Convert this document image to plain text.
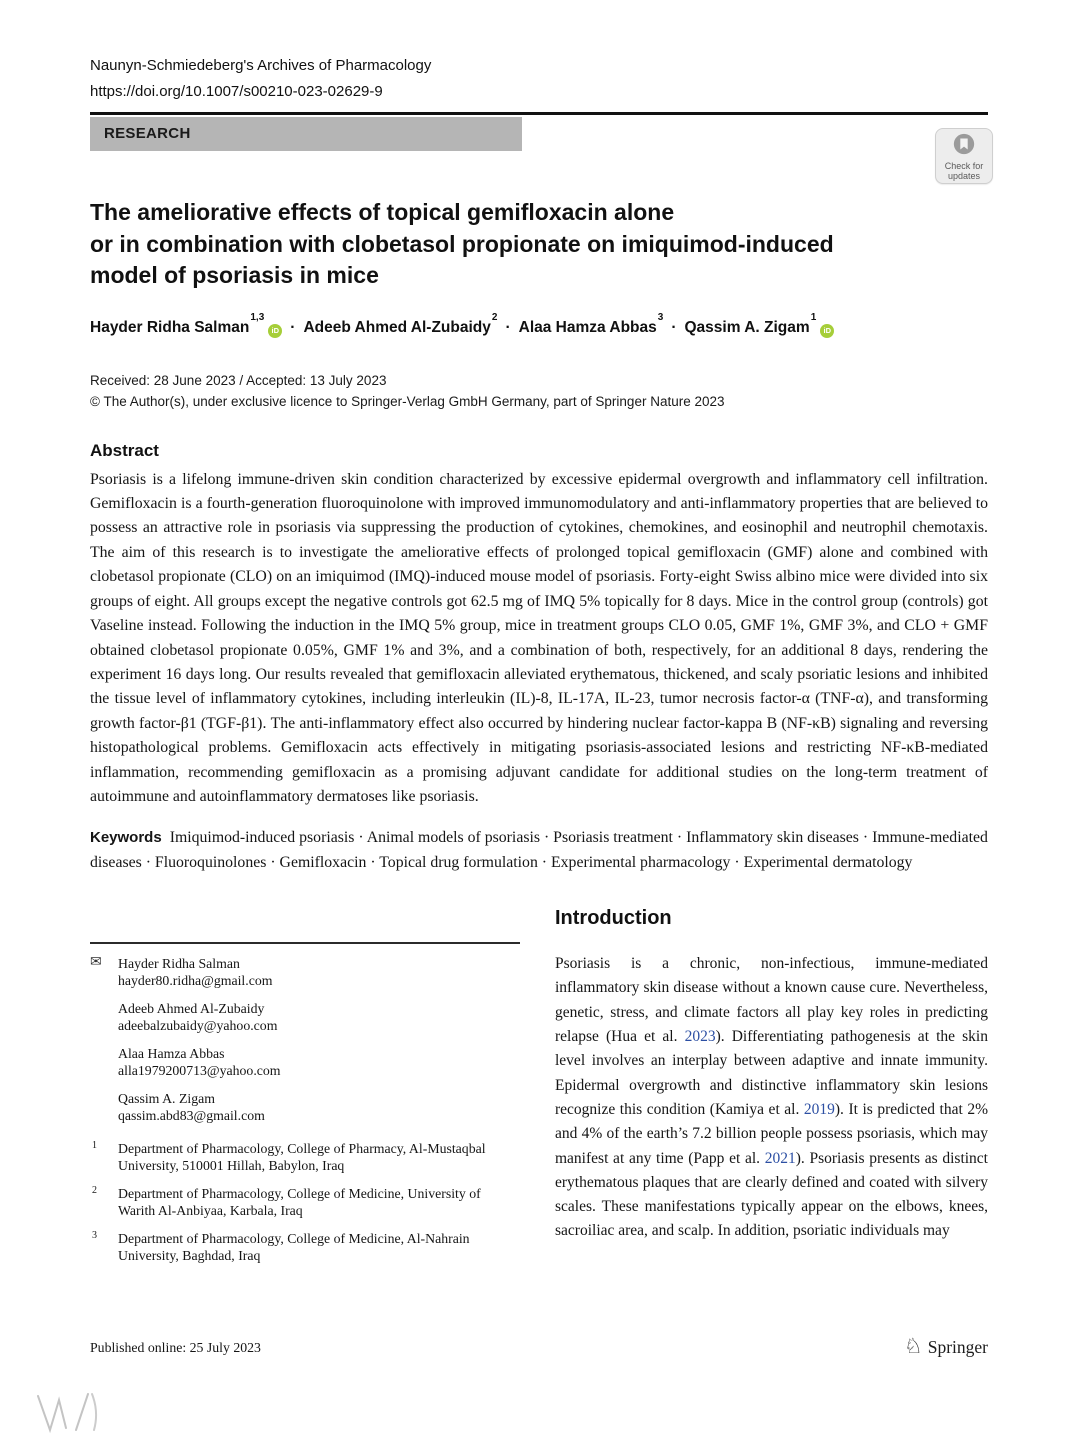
Naunyn-Schmiedeberg's Archives of Pharmacology
https://doi.org/10.1007/s00210-023-02629-9
RESEARCH
Check for
updates
The ameliorative effects of topical gemifloxacin alone
or in combination with clobetasol propionate on imiquimod-induced
model of psoriasis in mice
Hayder Ridha Salman$^{1,3}$iD · Adeeb Ahmed Al-Zubaidy$^2$
· Alaa Hamza Abbas$^3$
· Qassim A. Zigam$^1$iD
Received: 28 June 2023 / Accepted: 13 July 2023
© The Author(s), under exclusive licence to Springer-Verlag GmbH Germany, part of Springer Nature 2023
Abstract

Psoriasis is a lifelong immune-driven skin condition characterized by excessive epidermal overgrowth and inflammatory cell infiltration. Gemifloxacin is a fourth-generation fluoroquinolone with improved immunomodulatory and anti-inflammatory properties that are believed to possess an attractive role in psoriasis via suppressing the production of cytokines, chemokines, and eosinophil and neutrophil chemotaxis. The aim of this research is to investigate the ameliorative effects of prolonged topical gemifloxacin (GMF) alone and combined with clobetasol propionate (CLO) on an imiquimod (IMQ)-induced mouse model of psoriasis. Forty-eight Swiss albino mice were divided into six groups of eight. All groups except the negative controls got 62.5 mg of IMQ 5% topically for 8 days. Mice in the control group (controls) got Vaseline instead. Following the induction in the IMQ 5% group, mice in treatment groups CLO 0.05, GMF 1%, GMF 3%, and CLO + GMF obtained clobetasol propionate 0.05%, GMF 1% and 3%, and a combination of both, respectively, for an additional 8 days, rendering the experiment 16 days long. Our results revealed that gemifloxacin alleviated erythematous, thickened, and scaly psoriatic lesions and inhibited the tissue level of inflammatory cytokines, including interleukin (IL)-8, IL-17A, IL-23, tumor necrosis factor-α (TNF-α), and transforming growth factor-β1 (TGF-β1). The anti-inflammatory effect also occurred by hindering nuclear factor-kappa B (NF-κB) signaling and reversing histopathological problems. Gemifloxacin acts effectively in mitigating psoriasis-associated lesions and restricting NF-κB-mediated inflammation, recommending gemifloxacin as a promising adjuvant candidate for additional studies on the long-term treatment of autoimmune and autoinflammatory dermatoses like psoriasis.

Keywords Imiquimod-induced psoriasis · Animal models of psoriasis · Psoriasis treatment · Inflammatory skin diseases · Immune-mediated diseases · Fluoroquinolones · Gemifloxacin · Topical drug formulation · Experimental pharmacology · Experimental dermatology

✉ Hayder Ridha Salman
hayder80.ridha@gmail.com
Adeeb Ahmed Al-Zubaidy
adeebalzubaidy@yahoo.com
Alaa Hamza Abbas
alla1979200713@yahoo.com
Qassim A. Zigam
qassim.abd83@gmail.com
1 Department of Pharmacology, College of Pharmacy, Al-Mustaqbal University, 510001 Hillah, Babylon, Iraq
2 Department of Pharmacology, College of Medicine, University of Warith Al-Anbiyaa, Karbala, Iraq
3 Department of Pharmacology, College of Medicine, Al-Nahrain University, Baghdad, Iraq
Introduction

Psoriasis is a chronic, non-infectious, immune-mediated inflammatory skin disease without a known cause cure. Nevertheless, genetic, stress, and climate factors all play key roles in predicting relapse (Hua et al. 2023). Differentiating pathogenesis at the skin level involves an interplay between adaptive and innate immunity. Epidermal overgrowth and distinctive inflammatory skin lesions recognize this condition (Kamiya et al. 2019). It is predicted that 2% and 4% of the earth’s 7.2 billion people possess psoriasis, which may manifest at any time (Papp et al. 2021). Psoriasis presents as distinct erythematous plaques that are clearly defined and coated with silvery scales. These manifestations typically appear on the elbows, knees, sacroiliac area, and scalp. In addition, psoriatic individuals may

Published online: 25 July 2023	♘ Springer
